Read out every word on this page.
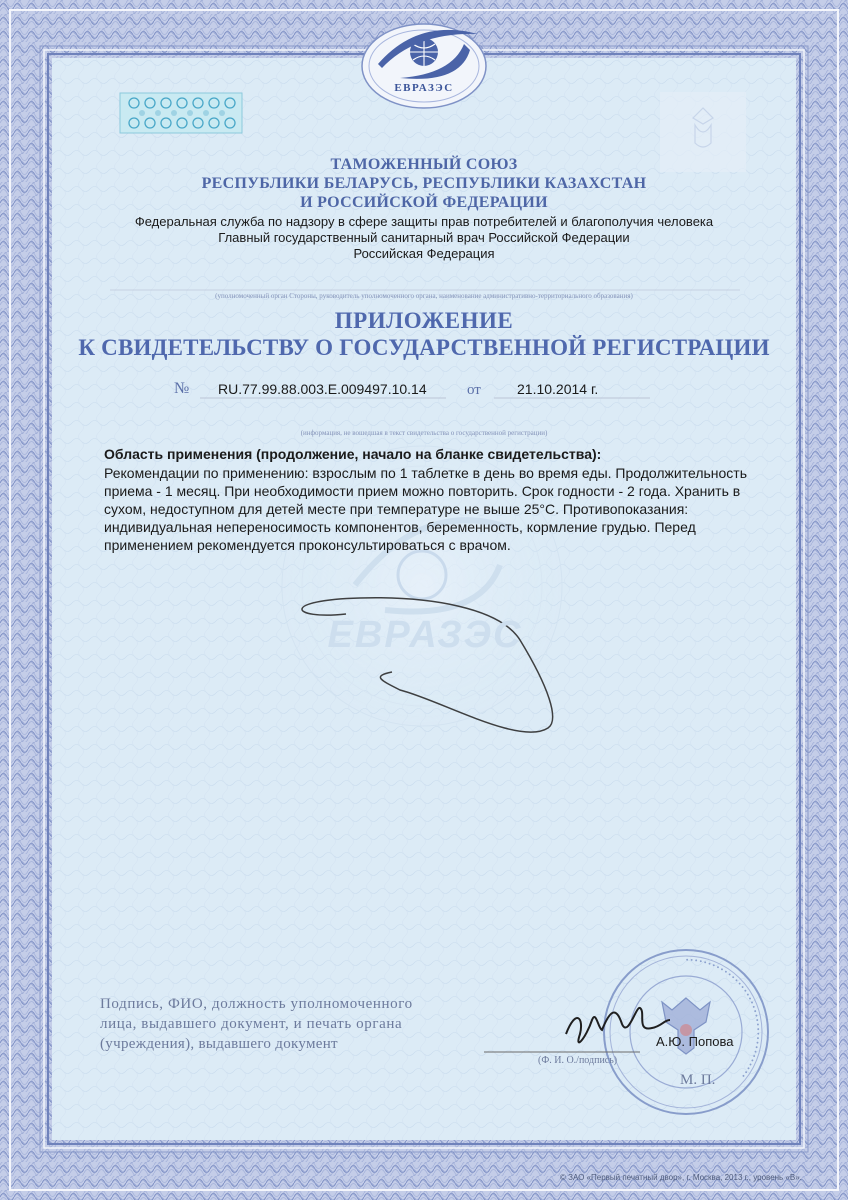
• • • • • • • • • • • • • • • • • • • • • • • • • • • • • • • • • • • •
ЕВРАЗЭС
ЕВРАЗЭС
ТАМОЖЕННЫЙ СОЮЗ
РЕСПУБЛИКИ БЕЛАРУСЬ, РЕСПУБЛИКИ КАЗАХСТАН
И РОССИЙСКОЙ ФЕДЕРАЦИИ
Федеральная служба по надзору в сфере защиты прав потребителей и благополучия человека
Главный государственный санитарный врач Российской Федерации
Российская Федерация
(уполномоченный орган Стороны, руководитель уполномоченного органа, наименование административно-территориального образования)
ПРИЛОЖЕНИЕ
К СВИДЕТЕЛЬСТВУ О ГОСУДАРСТВЕННОЙ РЕГИСТРАЦИИ
№ RU.77.99.88.003.E.009497.10.14	от	21.10.2014 г.
(информация, не вошедшая в текст свидетельства о государственной регистрации)
Область применения (продолжение, начало на бланке свидетельства):
Рекомендации по применению: взрослым по 1 таблетке в день во время еды. Продолжительность
приема - 1 месяц. При необходимости прием можно повторить. Срок годности - 2 года. Хранить в
сухом, недоступном для детей месте при температуре не выше 25°С. Противопоказания:
индивидуальная непереносимость компонентов, беременность, кормление грудью. Перед
применением рекомендуется проконсультироваться с врачом.
Подпись, ФИО, должность уполномоченного
лица, выдавшего документ, и печать органа
(учреждения), выдавшего документ	А.Ю. Попова
(Ф. И. О./подпись)
М. П.
© ЗАО «Первый печатный двор», г. Москва, 2013 г., уровень «В».
